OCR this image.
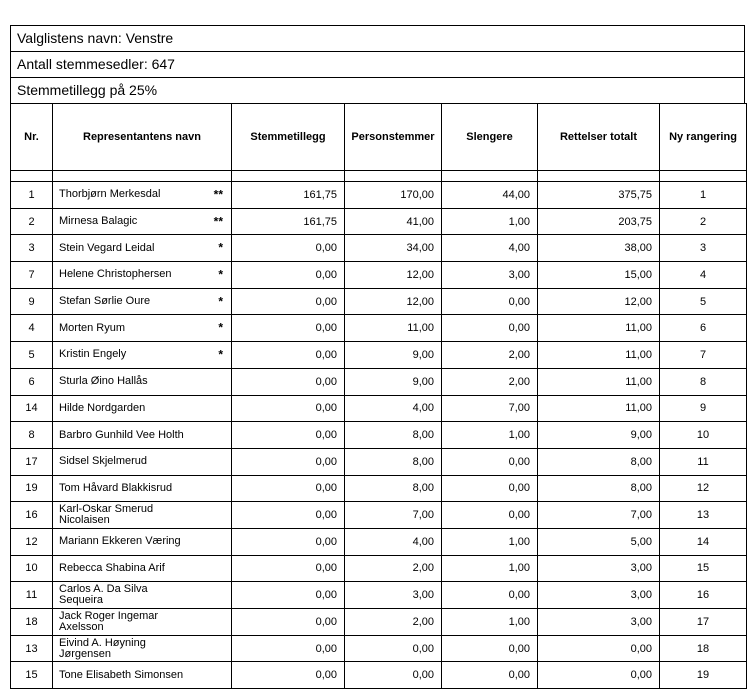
Valglistens navn: Venstre
Antall stemmesedler: 647
Stemmetillegg på 25%
Nr.	Representantens navn	Stemmetillegg	Personstemmer	Slengere	Rettelser totalt	Ny rangering

1	Thorbjørn Merkesdal **	161,75	170,00	44,00	375,75	1
2	Mirnesa Balagic **	161,75	41,00	1,00	203,75	2
3	Stein Vegard Leidal *	0,00	34,00	4,00	38,00	3
7	Helene Christophersen *	0,00	12,00	3,00	15,00	4
9	Stefan Sørlie Oure *	0,00	12,00	0,00	12,00	5
4	Morten Ryum *	0,00	11,00	0,00	11,00	6
5	Kristin Engely *	0,00	9,00	2,00	11,00	7
6	Sturla Øino Hallås	0,00	9,00	2,00	11,00	8
14	Hilde Nordgarden	0,00	4,00	7,00	11,00	9
8	Barbro Gunhild Vee Holth	0,00	8,00	1,00	9,00	10
17	Sidsel Skjelmerud	0,00	8,00	0,00	8,00	11
19	Tom Håvard Blakkisrud	0,00	8,00	0,00	8,00	12
16	Karl-Oskar Smerud Nicolaisen	0,00	7,00	0,00	7,00	13
12	Mariann Ekkeren Væring	0,00	4,00	1,00	5,00	14
10	Rebecca Shabina Arif	0,00	2,00	1,00	3,00	15
11	Carlos A. Da Silva Sequeira	0,00	3,00	0,00	3,00	16
18	Jack Roger Ingemar Axelsson	0,00	2,00	1,00	3,00	17
13	Eivind A. Høyning Jørgensen	0,00	0,00	0,00	0,00	18
15	Tone Elisabeth Simonsen	0,00	0,00	0,00	0,00	19
